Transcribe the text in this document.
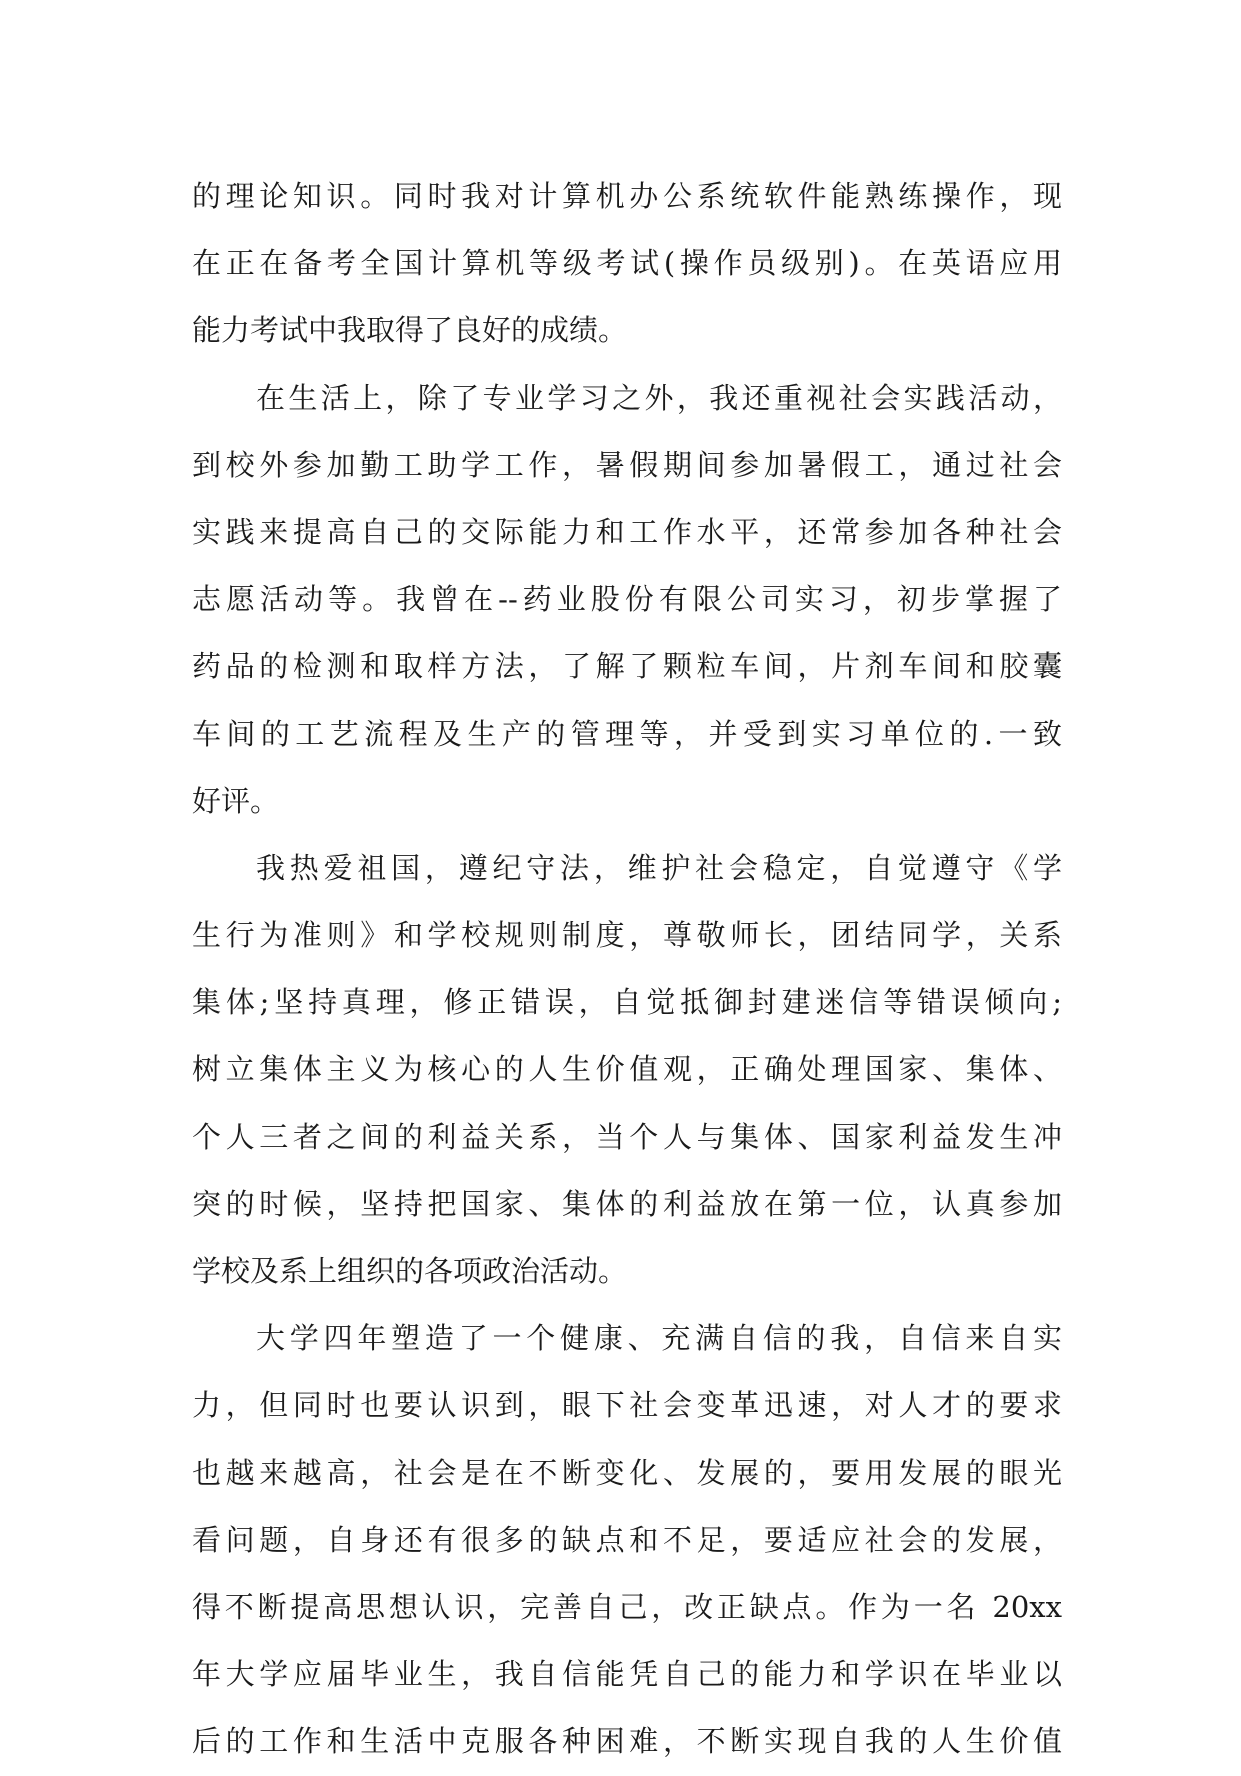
的理论知识。同时我对计算机办公系统软件能熟练操作，现
在正在备考全国计算机等级考试(操作员级别)。在英语应用
能力考试中我取得了良好的成绩。
在生活上，除了专业学习之外，我还重视社会实践活动，
到校外参加勤工助学工作，暑假期间参加暑假工，通过社会
实践来提高自己的交际能力和工作水平，还常参加各种社会
志愿活动等。我曾在--药业股份有限公司实习，初步掌握了
药品的检测和取样方法，了解了颗粒车间，片剂车间和胶囊
车间的工艺流程及生产的管理等，并受到实习单位的.一致
好评。
我热爱祖国，遵纪守法，维护社会稳定，自觉遵守《学
生行为准则》和学校规则制度，尊敬师长，团结同学，关系
集体;坚持真理，修正错误，自觉抵御封建迷信等错误倾向;
树立集体主义为核心的人生价值观，正确处理国家、集体、
个人三者之间的利益关系，当个人与集体、国家利益发生冲
突的时候，坚持把国家、集体的利益放在第一位，认真参加
学校及系上组织的各项政治活动。
大学四年塑造了一个健康、充满自信的我，自信来自实
力，但同时也要认识到，眼下社会变革迅速，对人才的要求
也越来越高，社会是在不断变化、发展的，要用发展的眼光
看问题，自身还有很多的缺点和不足，要适应社会的发展，
得不断提高思想认识，完善自己，改正缺点。作为一名 20xx
年大学应届毕业生，我自信能凭自己的能力和学识在毕业以
后的工作和生活中克服各种困难，不断实现自我的人生价值
